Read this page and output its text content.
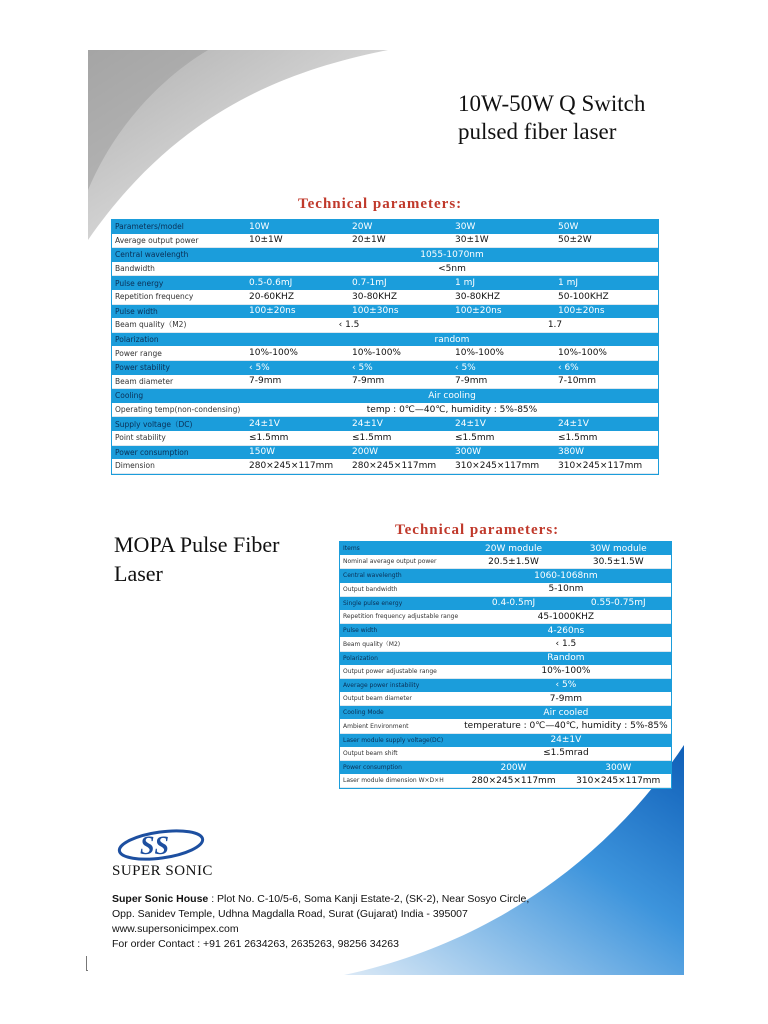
10W-50W Q Switch
pulsed fiber laser
Technical parameters:
Parameters/model	10W	20W	30W	50W
Average output power	10±1W	20±1W	30±1W	50±2W
Central wavelength	1055-1070nm			
Bandwidth	<5nm			
Pulse energy	0.5-0.6mJ	0.7-1mJ	1 mJ	1 mJ
Repetition frequency	20-60KHZ	30-80KHZ	30-80KHZ	50-100KHZ
Pulse width	100±20ns	100±30ns	100±20ns	100±20ns
Beam quality（M2)	‹ 1.5		1.7	
Polarization	random			
Power range	10%-100%	10%-100%	10%-100%	10%-100%
Power stability	‹ 5%	‹ 5%	‹ 5%	‹ 6%
Beam diameter	7-9mm	7-9mm	7-9mm	7-10mm
Cooling	Air cooling			
Operating temp(non-condensing)	temp : 0℃—40℃, humidity : 5%-85%			
Supply voltage（DC)	24±1V	24±1V	24±1V	24±1V
Point stability	≤1.5mm	≤1.5mm	≤1.5mm	≤1.5mm
Power consumption	150W	200W	300W	380W
Dimension	280×245×117mm	280×245×117mm	310×245×117mm	310×245×117mm
MOPA Pulse Fiber
Laser
Technical parameters:
Items	20W module	30W module
Nominal average output power	20.5±1.5W	30.5±1.5W
Central wavelength	1060-1068nm	
Output bandwidth	5-10nm	
Single pulse energy	0.4-0.5mJ	0.55-0.75mJ
Repetition frequency adjustable range	45-1000KHZ	
Pulse width	4-260ns	
Beam quality（M2)	‹ 1.5	
Polarization	Random	
Output power adjustable range	10%-100%	
Average power instability	‹ 5%	
Output beam diameter	7-9mm	
Cooling Mode	Air cooled	
Ambient Environment	temperature : 0℃—40℃, humidity : 5%-85%	
Laser module supply voltage(DC)	24±1V	
Output beam shift	≤1.5mrad	
Power consumption	200W	300W
Laser module dimension W×D×H	280×245×117mm	310×245×117mm
SS
SUPER SONIC
Super Sonic House : Plot No. C-10/5-6, Soma Kanji Estate-2, (SK-2), Near Sosyo Circle,
Opp. Sanidev Temple, Udhna Magdalla Road, Surat (Gujarat) India - 395007
www.supersonicimpex.com
For order Contact : +91 261 2634263, 2635263, 98256 34263
